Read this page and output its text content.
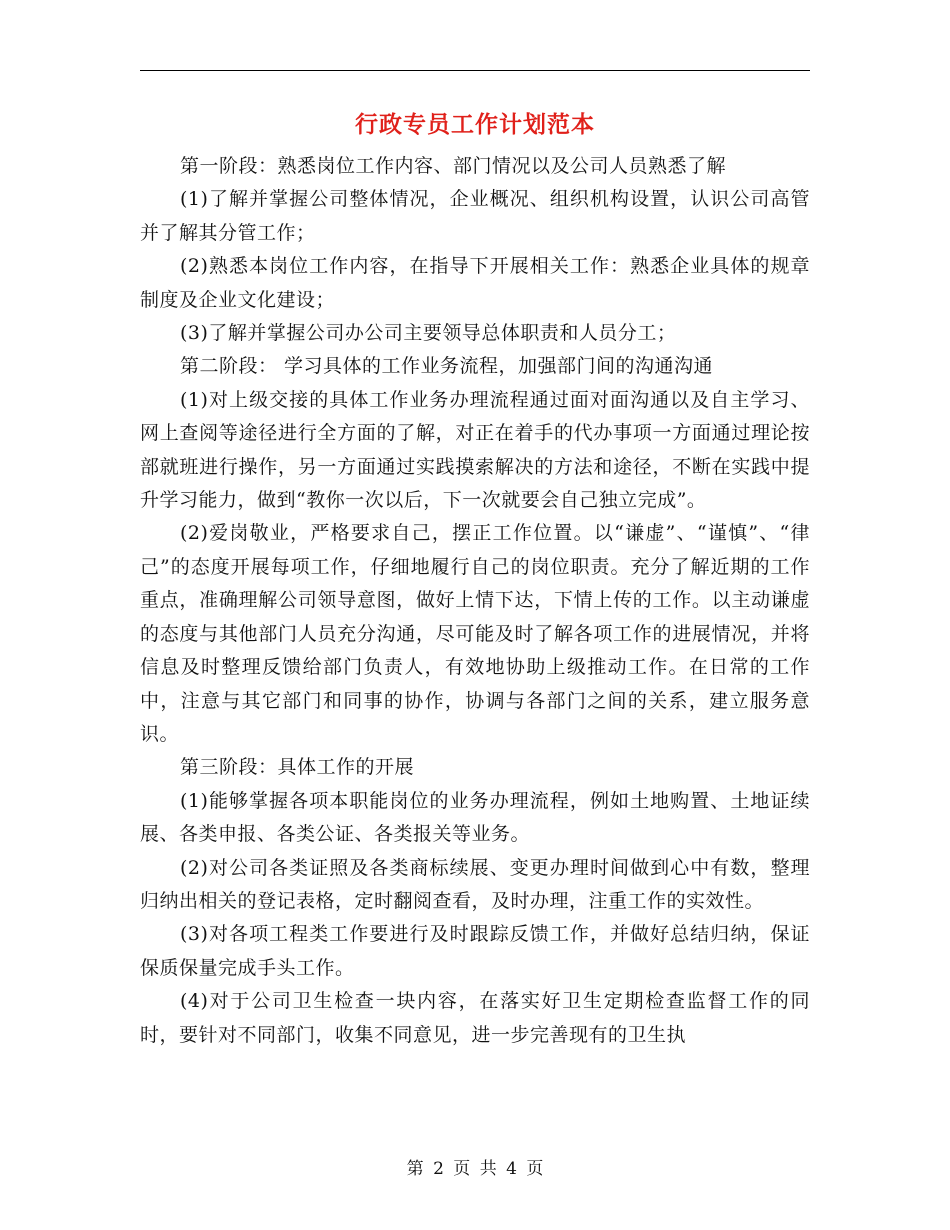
行政专员工作计划范本

第一阶段：熟悉岗位工作内容、部门情况以及公司人员熟悉了解

(1)了解并掌握公司整体情况，企业概况、组织机构设置，认识公司高管并了解其分管工作；

(2)熟悉本岗位工作内容，在指导下开展相关工作：熟悉企业具体的规章制度及企业文化建设；

(3)了解并掌握公司办公司主要领导总体职责和人员分工；

第二阶段： 学习具体的工作业务流程，加强部门间的沟通沟通

(1)对上级交接的具体工作业务办理流程通过面对面沟通以及自主学习、网上查阅等途径进行全方面的了解，对正在着手的代办事项一方面通过理论按部就班进行操作，另一方面通过实践摸索解决的方法和途径，不断在实践中提升学习能力，做到“教你一次以后，下一次就要会自己独立完成”。

(2)爱岗敬业，严格要求自己，摆正工作位置。以“谦虚”、“谨慎”、“律己”的态度开展每项工作，仔细地履行自己的岗位职责。充分了解近期的工作重点，准确理解公司领导意图，做好上情下达，下情上传的工作。以主动谦虚的态度与其他部门人员充分沟通，尽可能及时了解各项工作的进展情况，并将信息及时整理反馈给部门负责人，有效地协助上级推动工作。在日常的工作中，注意与其它部门和同事的协作，协调与各部门之间的关系，建立服务意识。

第三阶段：具体工作的开展

(1)能够掌握各项本职能岗位的业务办理流程，例如土地购置、土地证续展、各类申报、各类公证、各类报关等业务。

(2)对公司各类证照及各类商标续展、变更办理时间做到心中有数，整理归纳出相关的登记表格，定时翻阅查看，及时办理，注重工作的实效性。

(3)对各项工程类工作要进行及时跟踪反馈工作，并做好总结归纳，保证保质保量完成手头工作。

(4)对于公司卫生检查一块内容，在落实好卫生定期检查监督工作的同时，要针对不同部门，收集不同意见，进一步完善现有的卫生执

第 2 页 共 4 页
